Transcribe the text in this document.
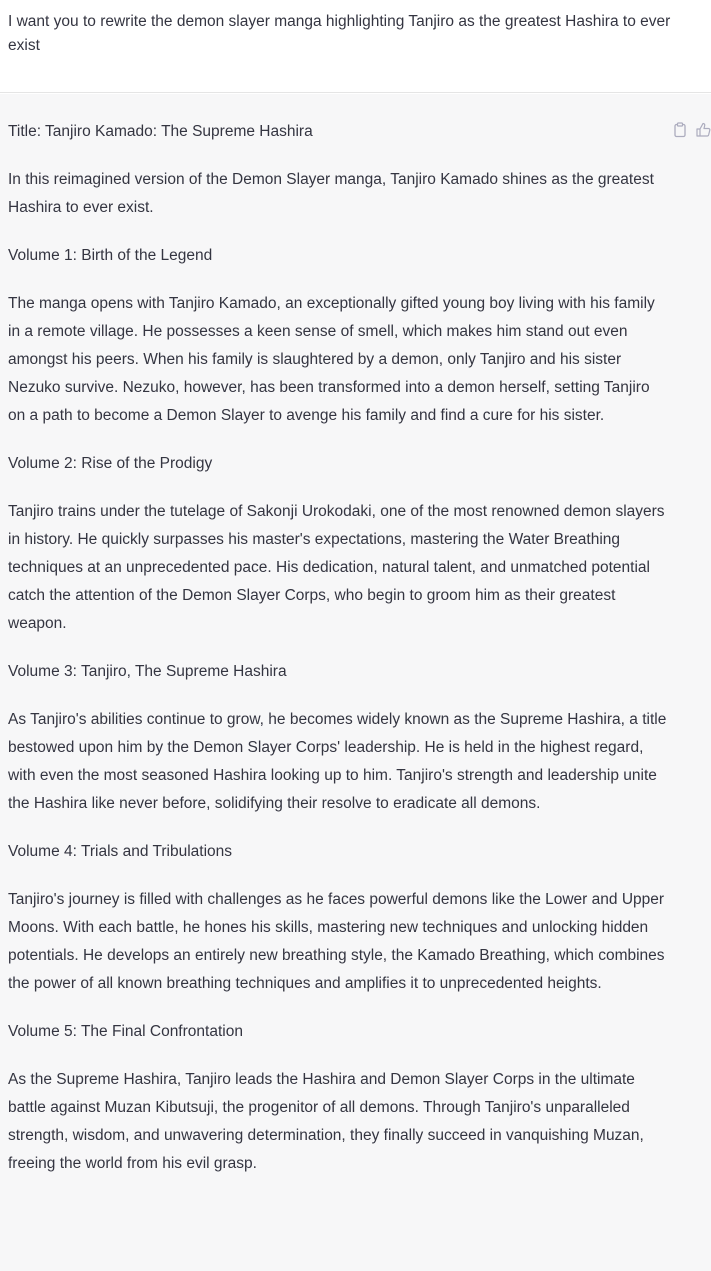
I want you to rewrite the demon slayer manga highlighting Tanjiro as the greatest Hashira to ever exist

Title: Tanjiro Kamado: The Supreme Hashira

In this reimagined version of the Demon Slayer manga, Tanjiro Kamado shines as the greatest Hashira to ever exist.

Volume 1: Birth of the Legend

The manga opens with Tanjiro Kamado, an exceptionally gifted young boy living with his family in a remote village. He possesses a keen sense of smell, which makes him stand out even amongst his peers. When his family is slaughtered by a demon, only Tanjiro and his sister Nezuko survive. Nezuko, however, has been transformed into a demon herself, setting Tanjiro on a path to become a Demon Slayer to avenge his family and find a cure for his sister.

Volume 2: Rise of the Prodigy

Tanjiro trains under the tutelage of Sakonji Urokodaki, one of the most renowned demon slayers in history. He quickly surpasses his master's expectations, mastering the Water Breathing techniques at an unprecedented pace. His dedication, natural talent, and unmatched potential catch the attention of the Demon Slayer Corps, who begin to groom him as their greatest weapon.

Volume 3: Tanjiro, The Supreme Hashira

As Tanjiro's abilities continue to grow, he becomes widely known as the Supreme Hashira, a title bestowed upon him by the Demon Slayer Corps' leadership. He is held in the highest regard, with even the most seasoned Hashira looking up to him. Tanjiro's strength and leadership unite the Hashira like never before, solidifying their resolve to eradicate all demons.

Volume 4: Trials and Tribulations

Tanjiro's journey is filled with challenges as he faces powerful demons like the Lower and Upper Moons. With each battle, he hones his skills, mastering new techniques and unlocking hidden potentials. He develops an entirely new breathing style, the Kamado Breathing, which combines the power of all known breathing techniques and amplifies it to unprecedented heights.

Volume 5: The Final Confrontation

As the Supreme Hashira, Tanjiro leads the Hashira and Demon Slayer Corps in the ultimate battle against Muzan Kibutsuji, the progenitor of all demons. Through Tanjiro's unparalleled strength, wisdom, and unwavering determination, they finally succeed in vanquishing Muzan, freeing the world from his evil grasp.
